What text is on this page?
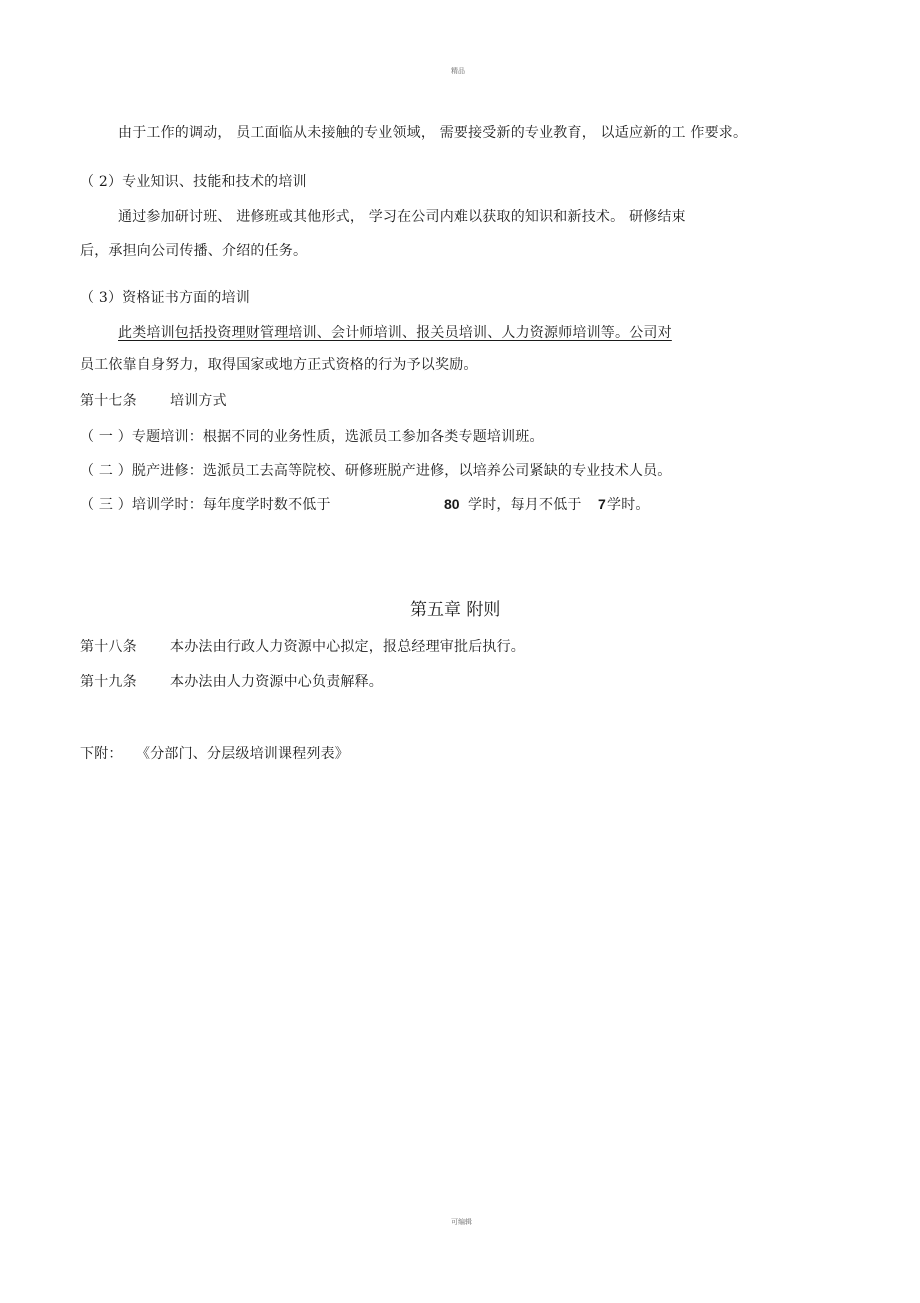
精品
由于工作的调动， 员工面临从未接触的专业领域， 需要接受新的专业教育， 以适应新的工 作要求。
（ 2）专业知识、技能和技术的培训
通过参加研讨班、 进修班或其他形式， 学习在公司内难以获取的知识和新技术。 研修结束
后，承担向公司传播、介绍的任务。
（ 3）资格证书方面的培训
此类培训包括投资理财管理培训、会计师培训、报关员培训、人力资源师培训等。公司对
员工依靠自身努力，取得国家或地方正式资格的行为予以奖励。
第十七条 培训方式
（ 一 ）专题培训：根据不同的业务性质，选派员工参加各类专题培训班。
（ 二 ）脱产进修：选派员工去高等院校、研修班脱产进修，以培养公司紧缺的专业技术人员。
（ 三 ）培训学时：每年度学时数不低于	80 学时，每月不低于 7 学时。
第五章 附则
第十八条 本办法由行政人力资源中心拟定，报总经理审批后执行。
第十九条 本办法由人力资源中心负责解释。
下附： 《分部门、分层级培训课程列表》
可编辑
